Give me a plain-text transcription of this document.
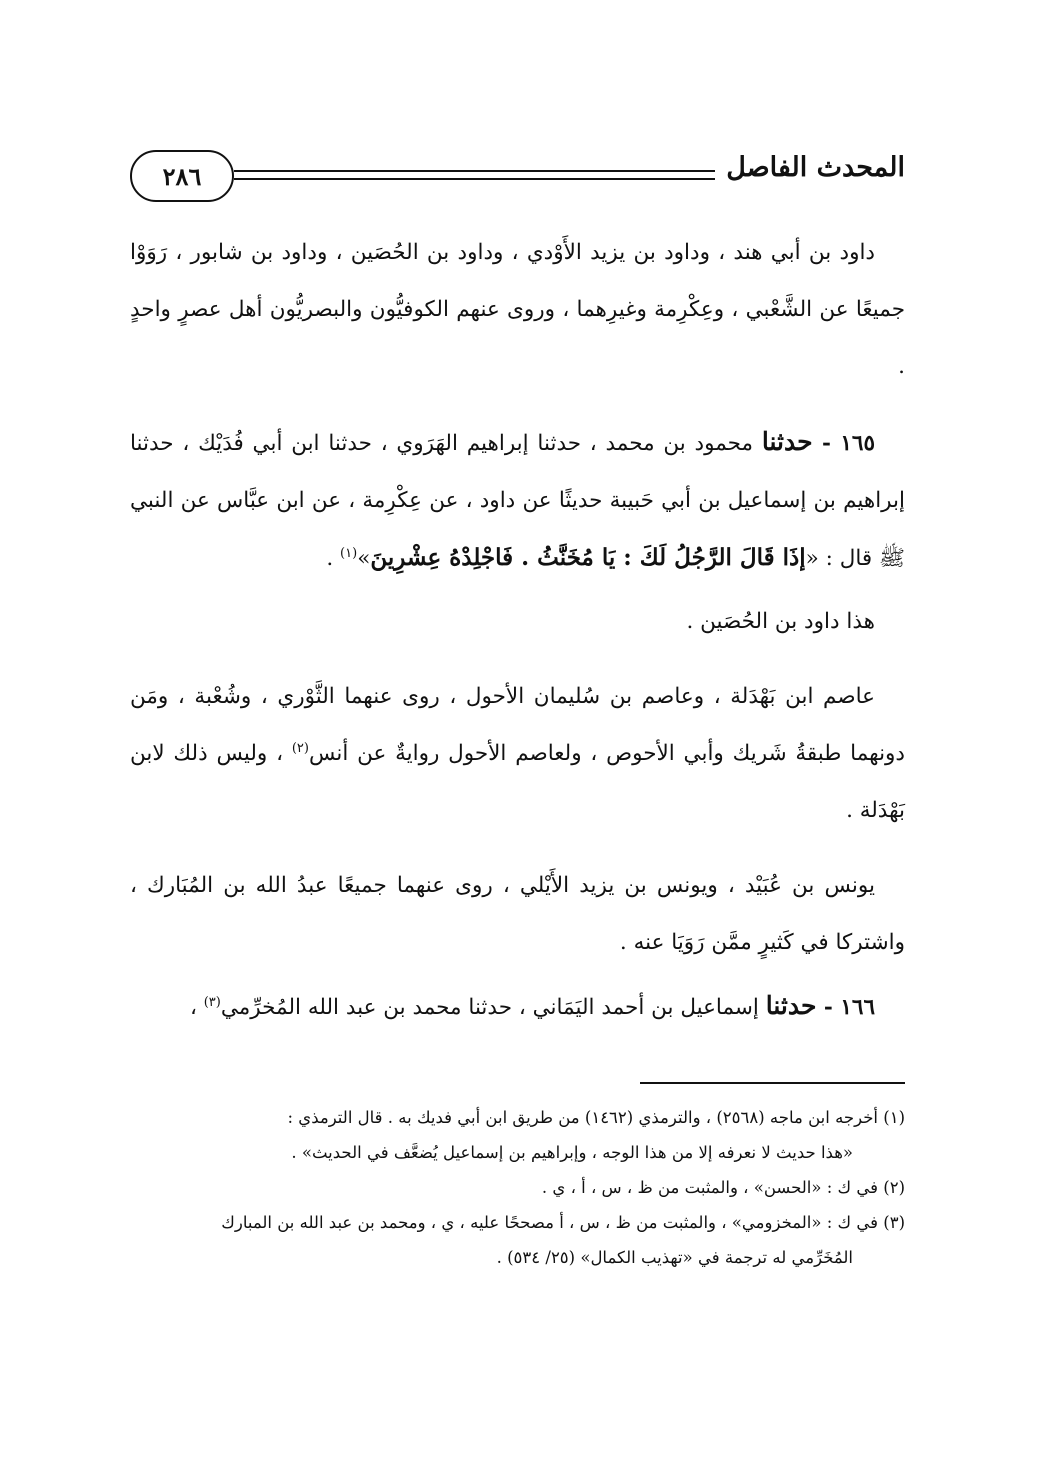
٢٨٦	المحدث الفاصل

داود بن أبي هند ، وداود بن يزيد الأَوْدي ، وداود بن الحُصَين ، وداود بن شابور ، رَوَوْا جميعًا عن الشَّعْبي ، وعِكْرِمة وغيرِهما ، وروى عنهم الكوفيُّون والبصريُّون أهل عصرٍ واحدٍ .

١٦٥ - حدثنا محمود بن محمد ، حدثنا إبراهيم الهَرَوي ، حدثنا ابن أبي فُدَيْك ، حدثنا إبراهيم بن إسماعيل بن أبي حَبيبة حديثًا عن داود ، عن عِكْرِمة ، عن ابن عبَّاس عن النبي ﷺ قال : «إذَا قَالَ الرَّجُلُ لَكَ : يَا مُخَنَّثُ . فَاجْلِدْهُ عِشْرِينَ»$^{(١)}$ .

هذا داود بن الحُصَين .

عاصم ابن بَهْدَلة ، وعاصم بن سُليمان الأحول ، روى عنهما الثَّوْري ، وشُعْبة ، ومَن دونهما طبقةُ شَريك وأبي الأحوص ، ولعاصم الأحول روايةٌ عن أنس$^{(٢)}$ ، وليس ذلك لابن بَهْدَلة .

يونس بن عُبَيْد ، ويونس بن يزيد الأَيْلي ، روى عنهما جميعًا عبدُ الله بن المُبَارك ، واشتركا في كَثيرٍ ممَّن رَوَيَا عنه .

١٦٦ - حدثنا إسماعيل بن أحمد اليَمَاني ، حدثنا محمد بن عبد الله المُخرِّمي$^{(٣)}$ ،

(١) أخرجه ابن ماجه (٢٥٦٨) ، والترمذي (١٤٦٢) من طريق ابن أبي فديك به . قال الترمذي :
«هذا حديث لا نعرفه إلا من هذا الوجه ، وإبراهيم بن إسماعيل يُضعَّف في الحديث» .

(٢) في ك : «الحسن» ، والمثبت من ظ ، س ، أ ، ي .

(٣) في ك : «المخزومي» ، والمثبت من ظ ، س ، أ مصححًا عليه ، ي ، ومحمد بن عبد الله بن المبارك
المُخَرِّمي له ترجمة في «تهذيب الكمال» (٢٥/ ٥٣٤) .
